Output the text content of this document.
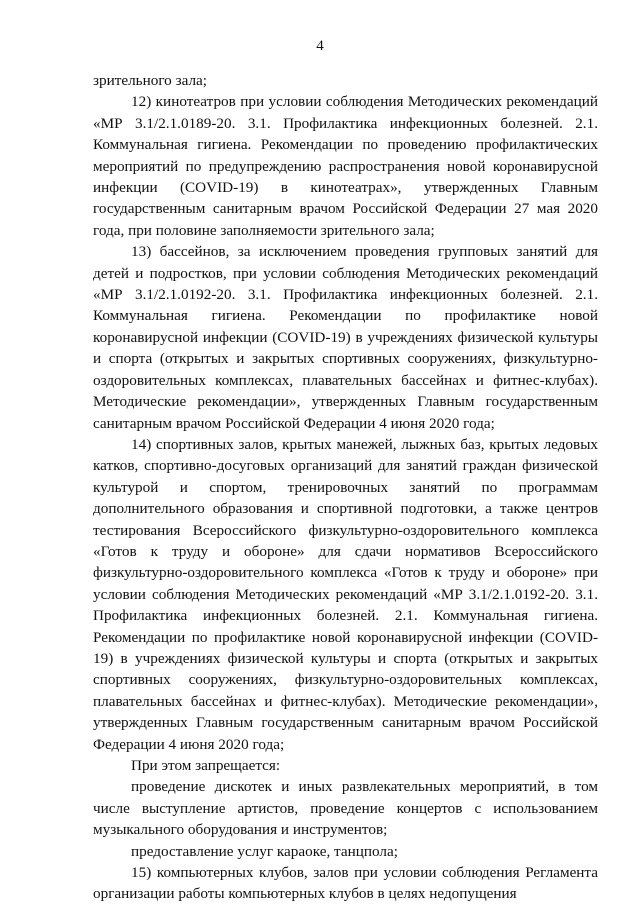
4

зрительного зала;

12) кинотеатров при условии соблюдения Методических рекомендаций «МР 3.1/2.1.0189-20. 3.1. Профилактика инфекционных болезней. 2.1. Коммунальная гигиена. Рекомендации по проведению профилактических мероприятий по предупреждению распространения новой коронавирусной инфекции (COVID-19) в кинотеатрах», утвержденных Главным государственным санитарным врачом Российской Федерации 27 мая 2020 года, при половине заполняемости зрительного зала;

13) бассейнов, за исключением проведения групповых занятий для детей и подростков, при условии соблюдения Методических рекомендаций «МР 3.1/2.1.0192-20. 3.1. Профилактика инфекционных болезней. 2.1. Коммунальная гигиена. Рекомендации по профилактике новой коронавирусной инфекции (COVID-19) в учреждениях физической культуры и спорта (открытых и закрытых спортивных сооружениях, физкультурно-оздоровительных комплексах, плавательных бассейнах и фитнес-клубах). Методические рекомендации», утвержденных Главным государственным санитарным врачом Российской Федерации 4 июня 2020 года;

14) спортивных залов, крытых манежей, лыжных баз, крытых ледовых катков, спортивно-досуговых организаций для занятий граждан физической культурой и спортом, тренировочных занятий по программам дополнительного образования и спортивной подготовки, а также центров тестирования Всероссийского физкультурно-оздоровительного комплекса «Готов к труду и обороне» для сдачи нормативов Всероссийского физкультурно-оздоровительного комплекса «Готов к труду и обороне» при условии соблюдения Методических рекомендаций «МР 3.1/2.1.0192-20. 3.1. Профилактика инфекционных болезней. 2.1. Коммунальная гигиена. Рекомендации по профилактике новой коронавирусной инфекции (COVID-19) в учреждениях физической культуры и спорта (открытых и закрытых спортивных сооружениях, физкультурно-оздоровительных комплексах, плавательных бассейнах и фитнес-клубах). Методические рекомендации», утвержденных Главным государственным санитарным врачом Российской Федерации 4 июня 2020 года;

При этом запрещается:

проведение дискотек и иных развлекательных мероприятий, в том числе выступление артистов, проведение концертов с использованием музыкального оборудования и инструментов;

предоставление услуг караоке, танцпола;

15) компьютерных клубов, залов при условии соблюдения Регламента организации работы компьютерных клубов в целях недопущения
